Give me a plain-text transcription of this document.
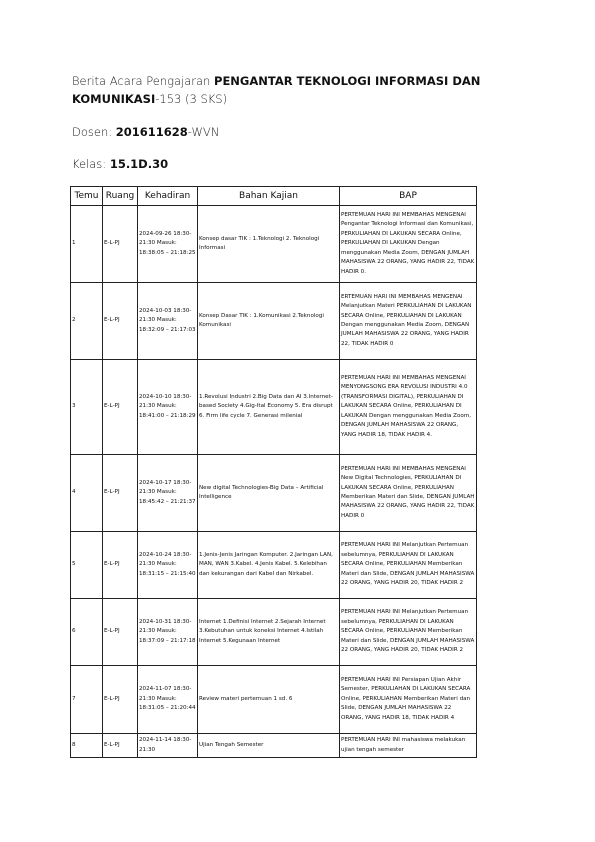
Berita Acara Pengajaran PENGANTAR TEKNOLOGI INFORMASI DAN
KOMUNIKASI-153 (3 SKS)
Dosen: 201611628-WVN
Kelas: 15.1D.30
Temu	Ruang	Kehadiran	Bahan Kajian	BAP
1	E-L-PJ	2024-09-26 18:30-21:30 Masuk: 18:38:05 – 21:18:25	Konsep dasar TIK : 1.Teknologi 2. Teknologi Informasi	PERTEMUAN HARI INI MEMBAHAS MENGENAI Pengantar Teknologi Informasi dan Komunikasi, PERKULIAHAN DI LAKUKAN SECARA Online, PERKULIAHAN DI LAKUKAN Dengan menggunakan Media Zoom, DENGAN JUMLAH MAHASISWA 22 ORANG, YANG HADIR 22, TIDAK HADIR 0.
2	E-L-PJ	2024-10-03 18:30-21:30 Masuk: 18:32:09 – 21:17:03	Konsep Dasar TIK : 1.Komunikasi 2.Teknologi Komunikasi	ERTEMUAN HARI INI MEMBAHAS MENGENAI Melanjutkan Materi PERKULIAHAN DI LAKUKAN SECARA Online, PERKULIAHAN DI LAKUKAN Dengan menggunakan Media Zoom, DENGAN JUMLAH MAHASISWA 22 ORANG, YANG HADIR 22, TIDAK HADIR 0
3	E-L-PJ	2024-10-10 18:30-21:30 Masuk: 18:41:00 – 21:18:29	1.Revolusi Industri 2.Big Data dan AI 3.Internet-based Society 4.Gig-Ital Economy 5. Era disrupt 6. Firm life cycle 7. Generasi milenial	PERTEMUAN HARI INI MEMBAHAS MENGENAI MENYONGSONG ERA REVOLUSI INDUSTRI 4.0 (TRANSFORMASI DIGITAL), PERKULIAHAN DI LAKUKAN SECARA Online, PERKULIAHAN DI LAKUKAN Dengan menggunakan Media Zoom, DENGAN JUMLAH MAHASISWA 22 ORANG, YANG HADIR 18, TIDAK HADIR 4.
4	E-L-PJ	2024-10-17 18:30-21:30 Masuk: 18:45:42 – 21:21:37	New digital Technologies-Big Data – Artificial Intelligence	PERTEMUAN HARI INI MEMBAHAS MENGENAI New Digital Technologies, PERKULIAHAN DI LAKUKAN SECARA Online, PERKULIAHAN Memberikan Materi dan Slide, DENGAN JUMLAH MAHASISWA 22 ORANG, YANG HADIR 22, TIDAK HADIR 0
5	E-L-PJ	2024-10-24 18:30-21:30 Masuk: 18:31:15 – 21:15:40	1.Jenis-Jenis Jaringan Komputer. 2.Jaringan LAN, MAN, WAN 3.Kabel. 4.Jenis Kabel. 5.Kelebihan dan kekurangan dari Kabel dan Nirkabel.	PERTEMUAN HARI INI Melanjutkan Pertemuan sebelumnya, PERKULIAHAN DI LAKUKAN SECARA Online, PERKULIAHAN Memberikan Materi dan Slide, DENGAN JUMLAH MAHASISWA 22 ORANG, YANG HADIR 20, TIDAK HADIR 2
6	E-L-PJ	2024-10-31 18:30-21:30 Masuk: 18:37:09 – 21:17:18	Internet 1.Definisi Internet 2.Sejarah Internet 3.Kebutuhan untuk koneksi Internet 4.Istilah Internet 5.Kegunaan Internet	PERTEMUAN HARI INI Melanjutkan Pertemuan sebelumnya, PERKULIAHAN DI LAKUKAN SECARA Online, PERKULIAHAN Memberikan Materi dan Slide, DENGAN JUMLAH MAHASISWA 22 ORANG, YANG HADIR 20, TIDAK HADIR 2
7	E-L-PJ	2024-11-07 18:30-21:30 Masuk: 18:31:05 – 21:20:44	Review materi pertemuan 1 sd. 6	PERTEMUAN HARI INI Persiapan Ujian Akhir Semester, PERKULIAHAN DI LAKUKAN SECARA Online, PERKULIAHAN Memberikan Materi dan Slide, DENGAN JUMLAH MAHASISWA 22 ORANG, YANG HADIR 18, TIDAK HADIR 4
8	E-L-PJ	2024-11-14 18:30-21:30	Ujian Tengah Semester	PERTEMUAN HARI INI mahasiswa melakukan ujian tengah semester
